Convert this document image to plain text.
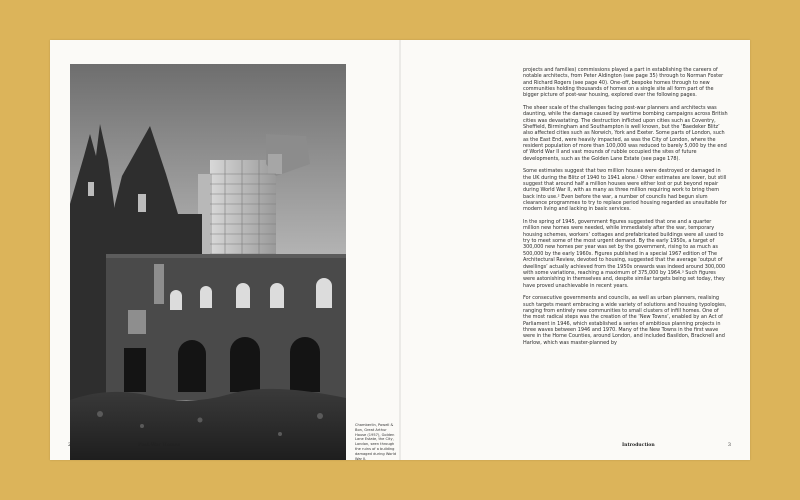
Chamberlin, Powell & Bon, Great Arthur House (1957), Golden Lane Estate, the City, London, seen through the ruins of a building damaged during World War II.
2	Post-War Homes

projects and families) commissions played a part in establishing the careers of notable architects, from Peter Aldington (see page 35) through to Norman Foster and Richard Rogers (see page 40). One-off, bespoke homes through to new communities holding thousands of homes on a single site all form part of the bigger picture of post-war housing, explored over the following pages.

The sheer scale of the challenges facing post-war planners and architects was daunting, while the damage caused by wartime bombing campaigns across British cities was devastating. The destruction inflicted upon cities such as Coventry, Sheffield, Birmingham and Southampton is well known, but the ‘Baedeker Blitz’ also affected cities such as Norwich, York and Exeter. Some parts of London, such as the East End, were heavily impacted, as was the City of London, where the resident population of more than 100,000 was reduced to barely 5,000 by the end of World War II and vast mounds of rubble occupied the sites of future developments, such as the Golden Lane Estate (see page 178).

Some estimates suggest that two million houses were destroyed or damaged in the UK during the Blitz of 1940 to 1941 alone.¹ Other estimates are lower, but still suggest that around half a million houses were either lost or put beyond repair during World War II, with as many as three million requiring work to bring them back into use.² Even before the war, a number of councils had begun slum clearance programmes to try to replace period housing regarded as unsuitable for modern living and lacking in basic services.

In the spring of 1945, government figures suggested that one and a quarter million new homes were needed, while immediately after the war, temporary housing schemes, workers’ cottages and prefabricated buildings were all used to try to meet some of the most urgent demand. By the early 1950s, a target of 300,000 new homes per year was set by the government, rising to as much as 500,000 by the early 1960s. Figures published in a special 1967 edition of The Architectural Review, devoted to housing, suggested that the average ‘output of dwellings’ actually achieved from the 1950s onwards was indeed around 300,000 with some variations, reaching a maximum of 375,000 by 1964.³ Such figures were astonishing in themselves and, despite similar targets being set today, they have proved unachievable in recent years.

For consecutive governments and councils, as well as urban planners, realising such targets meant embracing a wide variety of solutions and housing typologies, ranging from entirely new communities to small clusters of infill homes. One of the most radical steps was the creation of the ‘New Towns’, enabled by an Act of Parliament in 1946, which established a series of ambitious planning projects in three waves between 1946 and 1970. Many of the New Towns in the first wave were in the Home Counties, around London, and included Basildon, Bracknell and Harlow, which was master-planned by

Introduction	3
